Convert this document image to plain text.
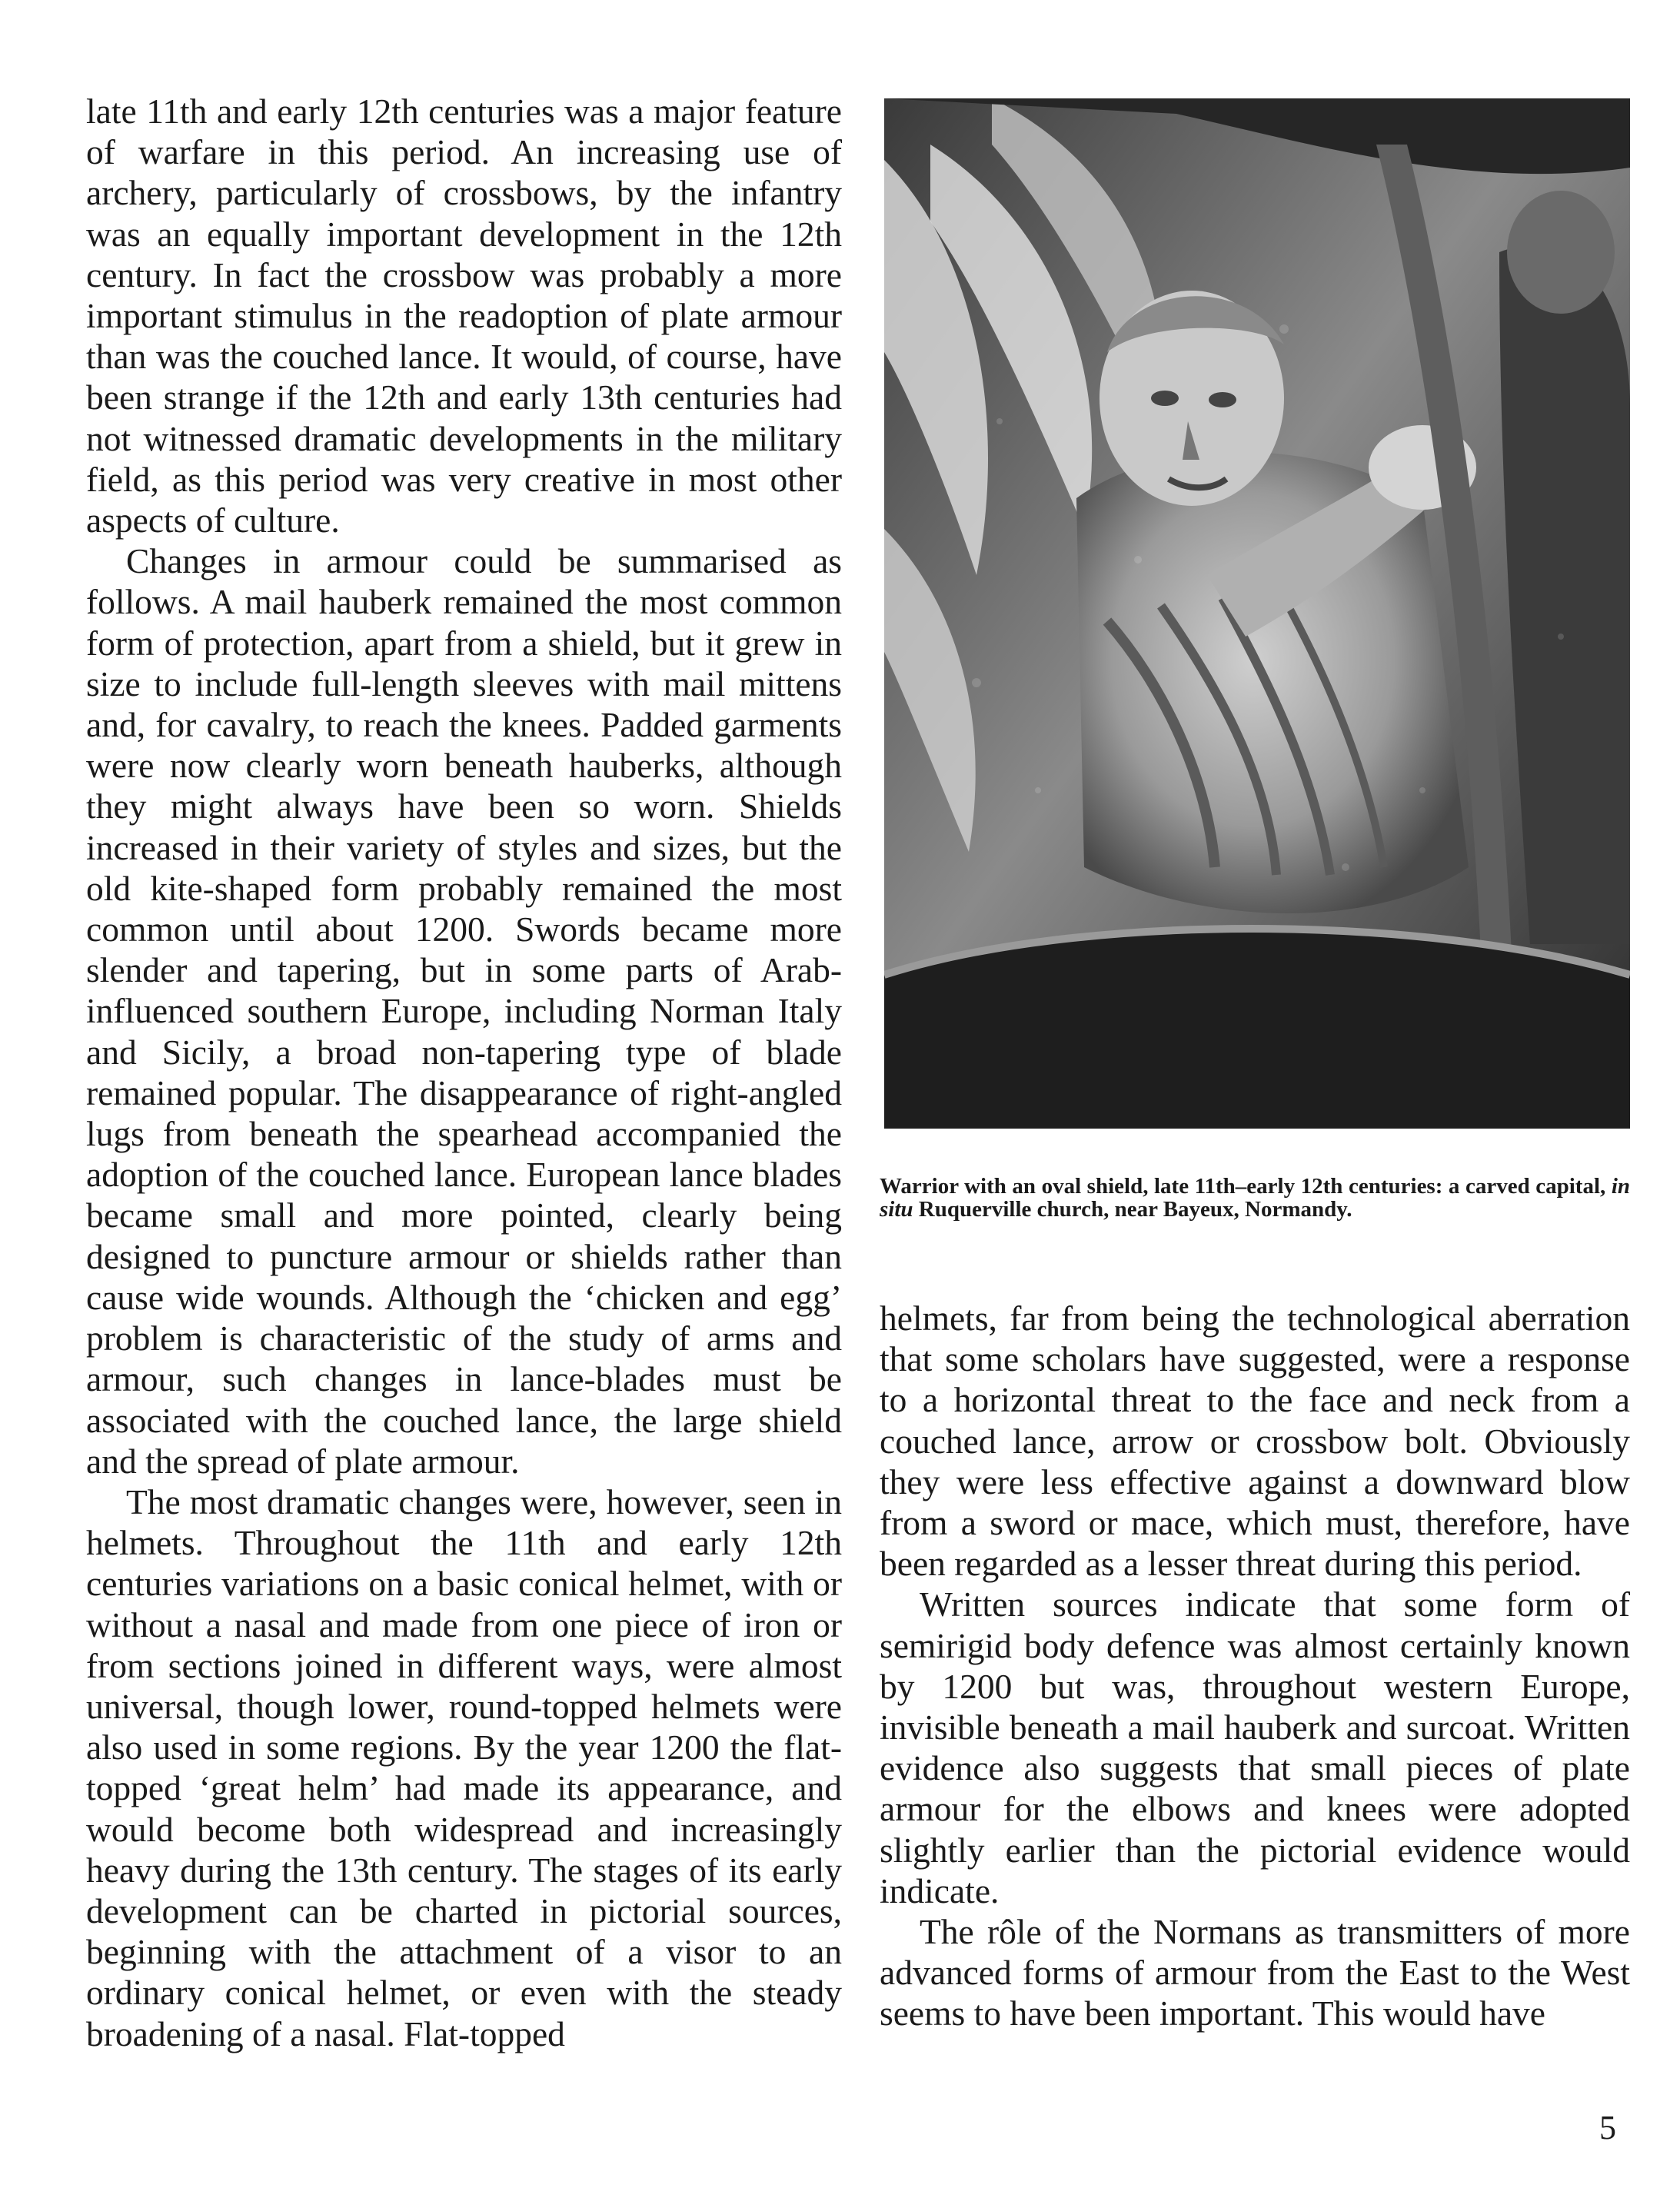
late 11th and early 12th centuries was a major feature of warfare in this period. An increasing use of archery, particularly of crossbows, by the infantry was an equally important development in the 12th century. In fact the crossbow was probably a more important stimulus in the readoption of plate armour than was the couched lance. It would, of course, have been strange if the 12th and early 13th centuries had not witnessed dramatic developments in the military field, as this period was very creative in most other aspects of culture.

Changes in armour could be summarised as follows. A mail hauberk remained the most common form of protection, apart from a shield, but it grew in size to include full-length sleeves with mail mittens and, for cavalry, to reach the knees. Padded garments were now clearly worn beneath hauberks, although they might always have been so worn. Shields increased in their variety of styles and sizes, but the old kite-shaped form probably remained the most common until about 1200. Swords became more slender and tapering, but in some parts of Arab-influenced southern Europe, including Norman Italy and Sicily, a broad non-tapering type of blade remained popular. The disappearance of right-angled lugs from beneath the spearhead accompanied the adoption of the couched lance. European lance blades became small and more pointed, clearly being designed to puncture armour or shields rather than cause wide wounds. Although the ‘chicken and egg’ problem is characteristic of the study of arms and armour, such changes in lance-blades must be associated with the couched lance, the large shield and the spread of plate armour.

The most dramatic changes were, however, seen in helmets. Throughout the 11th and early 12th centuries variations on a basic conical helmet, with or without a nasal and made from one piece of iron or from sections joined in different ways, were almost universal, though lower, round-topped helmets were also used in some regions. By the year 1200 the flat-topped ‘great helm’ had made its appearance, and would become both widespread and increasingly heavy during the 13th century. The stages of its early development can be charted in pictorial sources, beginning with the attachment of a visor to an ordinary conical helmet, or even with the steady broadening of a nasal. Flat-topped

Warrior with an oval shield, late 11th–early 12th centuries: a carved capital, in situ Ruquerville church, near Bayeux, Normandy.

helmets, far from being the technological aberration that some scholars have suggested, were a response to a horizontal threat to the face and neck from a couched lance, arrow or crossbow bolt. Obviously they were less effective against a downward blow from a sword or mace, which must, therefore, have been regarded as a lesser threat during this period.

Written sources indicate that some form of semirigid body defence was almost certainly known by 1200 but was, throughout western Europe, invisible beneath a mail hauberk and surcoat. Written evidence also suggests that small pieces of plate armour for the elbows and knees were adopted slightly earlier than the pictorial evidence would indicate.

The rôle of the Normans as transmitters of more advanced forms of armour from the East to the West seems to have been important. This would have

5
